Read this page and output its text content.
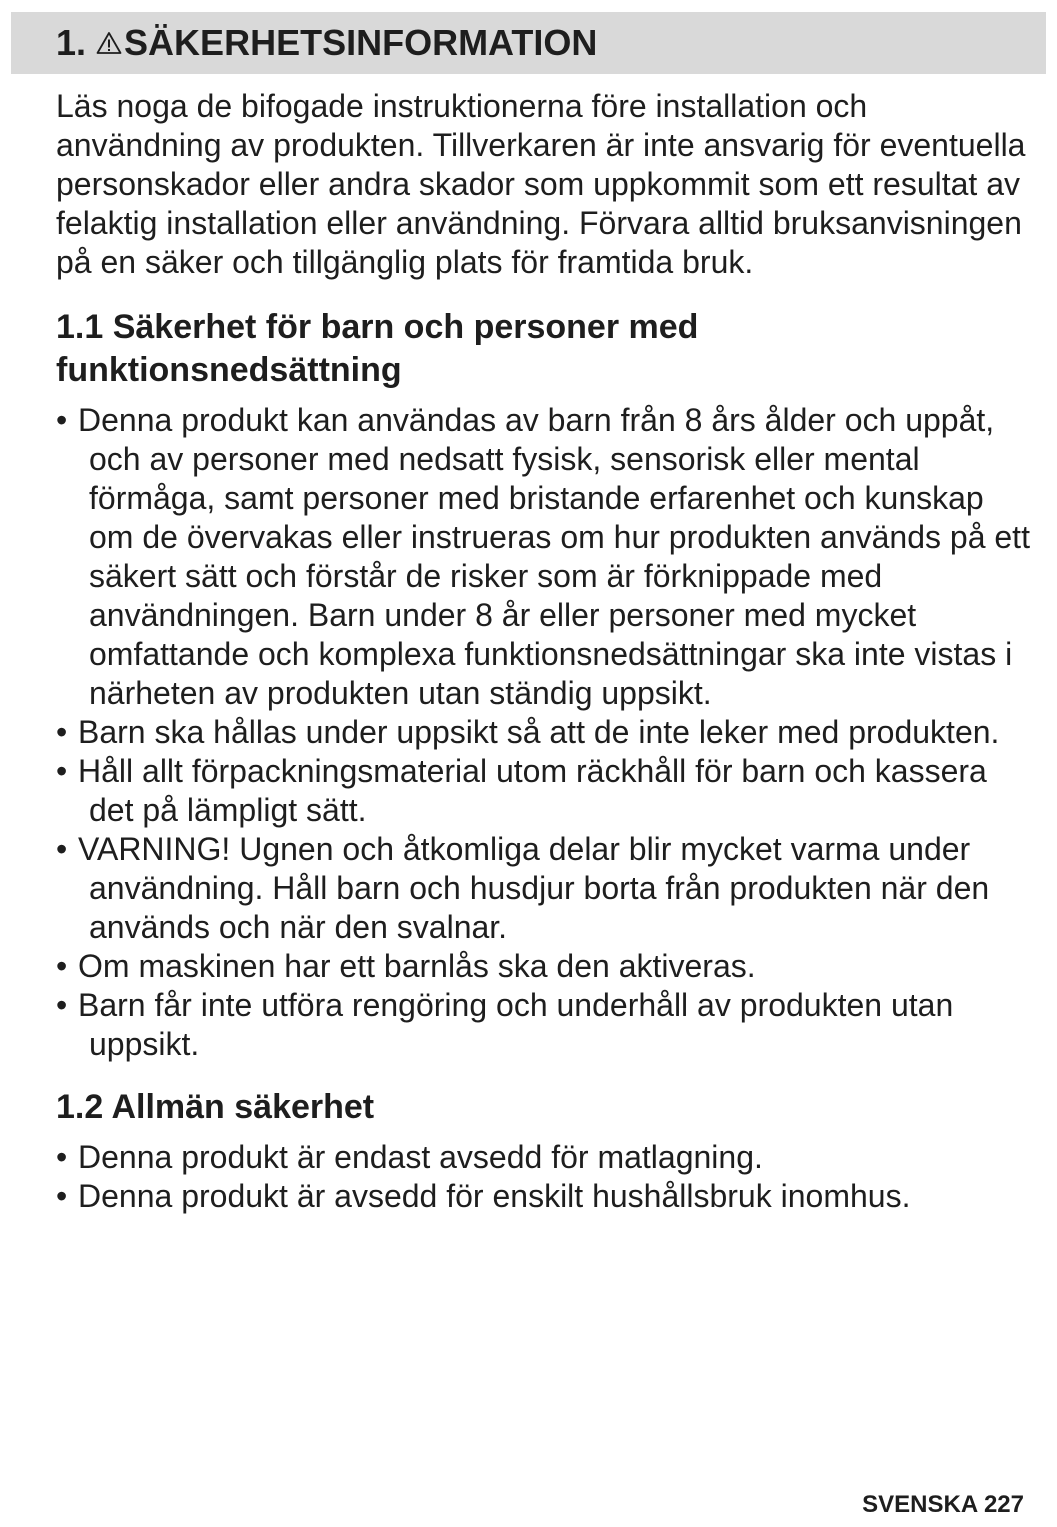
1. SÄKERHETSINFORMATION

Läs noga de bifogade instruktionerna före installation och användning av produkten. Tillverkaren är inte ansvarig för eventuella personskador eller andra skador som uppkommit som ett resultat av felaktig installation eller användning. Förvara alltid bruksanvisningen på en säker och tillgänglig plats för framtida bruk.

1.1 Säkerhet för barn och personer med funktionsnedsättning
• Denna produkt kan användas av barn från 8 års ålder och uppåt, och av personer med nedsatt fysisk, sensorisk eller mental förmåga, samt personer med bristande erfarenhet och kunskap om de övervakas eller instrueras om hur produkten används på ett säkert sätt och förstår de risker som är förknippade med användningen. Barn under 8 år eller personer med mycket omfattande och komplexa funktionsnedsättningar ska inte vistas i närheten av produkten utan ständig uppsikt.
• Barn ska hållas under uppsikt så att de inte leker med produkten.
• Håll allt förpackningsmaterial utom räckhåll för barn och kassera det på lämpligt sätt.
• VARNING! Ugnen och åtkomliga delar blir mycket varma under användning. Håll barn och husdjur borta från produkten när den används och när den svalnar.
• Om maskinen har ett barnlås ska den aktiveras.
• Barn får inte utföra rengöring och underhåll av produkten utan uppsikt.
1.2 Allmän säkerhet
• Denna produkt är endast avsedd för matlagning.
• Denna produkt är avsedd för enskilt hushållsbruk inomhus.
SVENSKA 227
